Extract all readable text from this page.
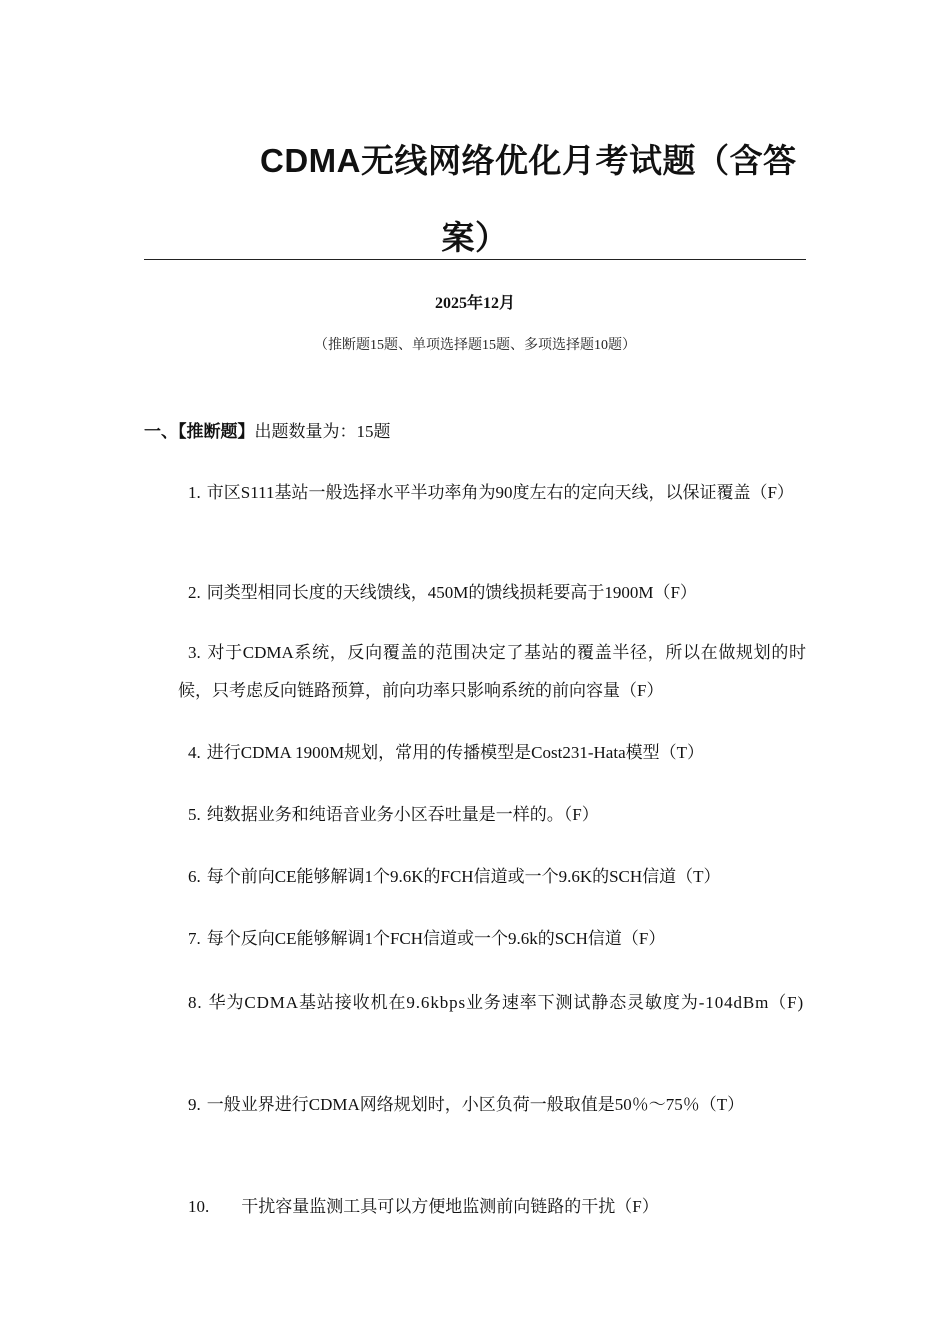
CDMA无线网络优化月考试题（含答
案）
2025年12月
（推断题15题、单项选择题15题、多项选择题10题）
一、【推断题】出题数量为：15题
1. 市区S111基站一般选择水平半功率角为90度左右的定向天线，以保证覆盖（F）
2. 同类型相同长度的天线馈线，450M的馈线损耗要高于1900M（F）
3. 对于CDMA系统，反向覆盖的范围决定了基站的覆盖半径，所以在做规划的时候，只考虑反向链路预算，前向功率只影响系统的前向容量（F）
4. 进行CDMA 1900M规划，常用的传播模型是Cost231-Hata模型（T）
5. 纯数据业务和纯语音业务小区吞吐量是一样的。（F）
6. 每个前向CE能够解调1个9.6K的FCH信道或一个9.6K的SCH信道（T）
7. 每个反向CE能够解调1个FCH信道或一个9.6k的SCH信道（F）
8. 华为CDMA基站接收机在9.6kbps业务速率下测试静态灵敏度为-104dBm（F)
9. 一般业界进行CDMA网络规划时，小区负荷一般取值是50％～75％（T）
10. 干扰容量监测工具可以方便地监测前向链路的干扰（F）
